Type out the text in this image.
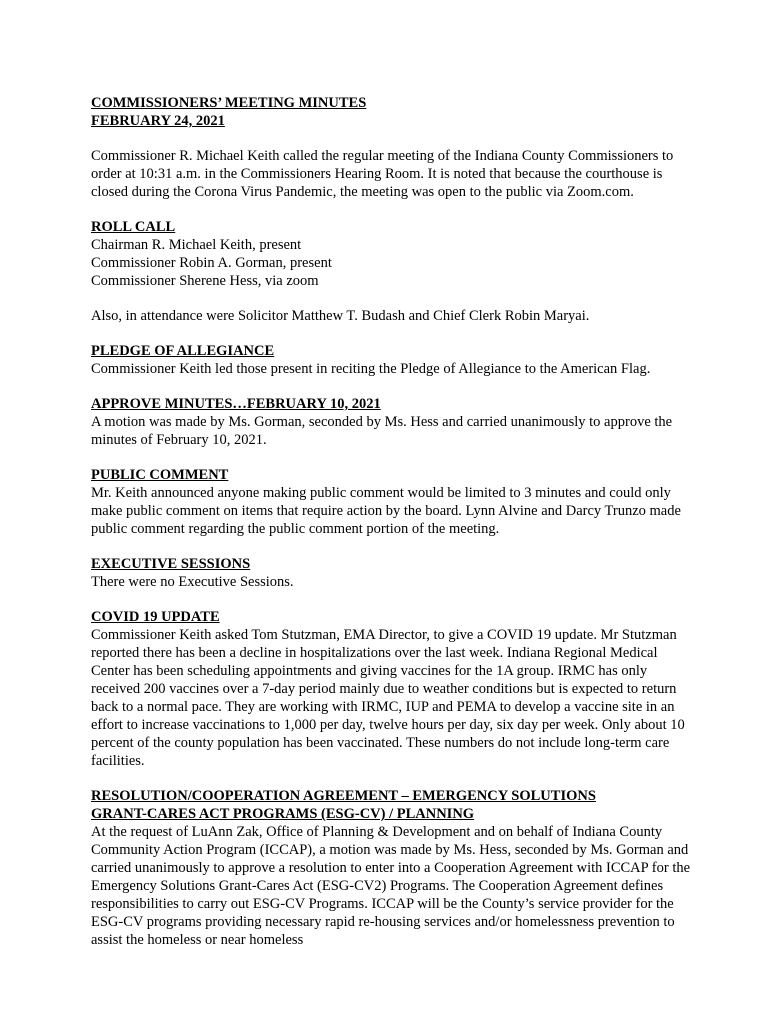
COMMISSIONERS’ MEETING MINUTES
FEBRUARY 24, 2021

Commissioner R. Michael Keith called the regular meeting of the Indiana County Commissioners to order at 10:31 a.m. in the Commissioners Hearing Room. It is noted that because the courthouse is closed during the Corona Virus Pandemic, the meeting was open to the public via Zoom.com.

ROLL CALL
Chairman R. Michael Keith, present
Commissioner Robin A. Gorman, present
Commissioner Sherene Hess, via zoom

Also, in attendance were Solicitor Matthew T. Budash and Chief Clerk Robin Maryai.

PLEDGE OF ALLEGIANCE
Commissioner Keith led those present in reciting the Pledge of Allegiance to the American Flag.
APPROVE MINUTES…FEBRUARY 10, 2021
A motion was made by Ms. Gorman, seconded by Ms. Hess and carried unanimously to approve the minutes of February 10, 2021.
PUBLIC COMMENT
Mr. Keith announced anyone making public comment would be limited to 3 minutes and could only make public comment on items that require action by the board. Lynn Alvine and Darcy Trunzo made public comment regarding the public comment portion of the meeting.
EXECUTIVE SESSIONS
There were no Executive Sessions.
COVID 19 UPDATE
Commissioner Keith asked Tom Stutzman, EMA Director, to give a COVID 19 update. Mr Stutzman reported there has been a decline in hospitalizations over the last week. Indiana Regional Medical Center has been scheduling appointments and giving vaccines for the 1A group. IRMC has only received 200 vaccines over a 7-day period mainly due to weather conditions but is expected to return back to a normal pace. They are working with IRMC, IUP and PEMA to develop a vaccine site in an effort to increase vaccinations to 1,000 per day, twelve hours per day, six day per week. Only about 10 percent of the county population has been vaccinated. These numbers do not include long-term care facilities.
RESOLUTION/COOPERATION AGREEMENT – EMERGENCY SOLUTIONS
GRANT-CARES ACT PROGRAMS (ESG-CV) / PLANNING
At the request of LuAnn Zak, Office of Planning & Development and on behalf of Indiana County Community Action Program (ICCAP), a motion was made by Ms. Hess, seconded by Ms. Gorman and carried unanimously to approve a resolution to enter into a Cooperation Agreement with ICCAP for the Emergency Solutions Grant-Cares Act (ESG-CV2) Programs. The Cooperation Agreement defines responsibilities to carry out ESG-CV Programs. ICCAP will be the County’s service provider for the ESG-CV programs providing necessary rapid re-housing services and/or homelessness prevention to assist the homeless or near homeless
